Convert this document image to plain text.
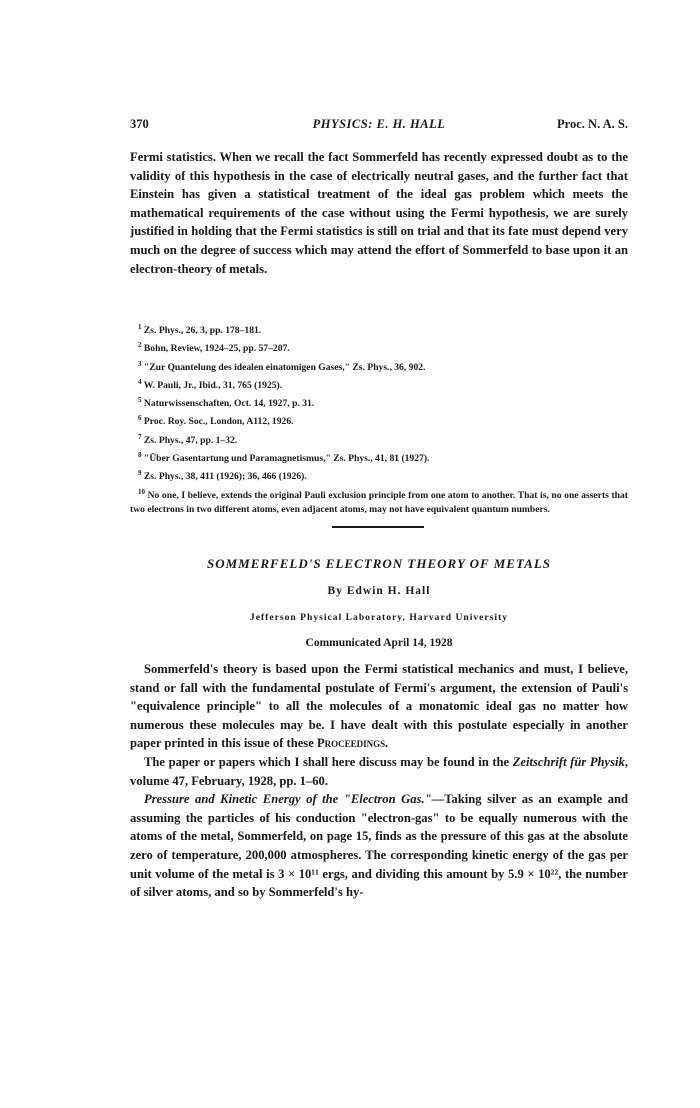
370	PHYSICS: E. H. HALL	Proc. N. A. S.

Fermi statistics. When we recall the fact Sommerfeld has recently expressed doubt as to the validity of this hypothesis in the case of electrically neutral gases, and the further fact that Einstein has given a statistical treatment of the ideal gas problem which meets the mathematical requirements of the case without using the Fermi hypothesis, we are surely justified in holding that the Fermi statistics is still on trial and that its fate must depend very much on the degree of success which may attend the effort of Sommerfeld to base upon it an electron-theory of metals.

$^1$ Zs. Phys., 26, 3, pp. 178–181.
$^2$ Bohn, Review, 1924–25, pp. 57–207.
$^3$ "Zur Quantelung des idealen einatomigen Gases," Zs. Phys., 36, 902.
$^4$ W. Pauli, Jr., Ibid., 31, 765 (1925).
$^5$ Naturwissenschaften, Oct. 14, 1927, p. 31.
$^6$ Proc. Roy. Soc., London, A112, 1926.
$^7$ Zs. Phys., 47, pp. 1–32.
$^8$ "Über Gasentartung und Paramagnetismus," Zs. Phys., 41, 81 (1927).
$^9$ Zs. Phys., 38, 411 (1926); 36, 466 (1926).
$^{10}$ No one, I believe, extends the original Pauli exclusion principle from one atom to another. That is, no one asserts that two electrons in two different atoms, even adjacent atoms, may not have equivalent quantum numbers.
SOMMERFELD'S ELECTRON THEORY OF METALS
By Edwin H. Hall
Jefferson Physical Laboratory, Harvard University
Communicated April 14, 1928

Sommerfeld's theory is based upon the Fermi statistical mechanics and must, I believe, stand or fall with the fundamental postulate of Fermi's argument, the extension of Pauli's "equivalence principle" to all the molecules of a monatomic ideal gas no matter how numerous these molecules may be. I have dealt with this postulate especially in another paper printed in this issue of these Proceedings.

The paper or papers which I shall here discuss may be found in the Zeitschrift für Physik, volume 47, February, 1928, pp. 1–60.

Pressure and Kinetic Energy of the "Electron Gas."—Taking silver as an example and assuming the particles of his conduction "electron-gas" to be equally numerous with the atoms of the metal, Sommerfeld, on page 15, finds as the pressure of this gas at the absolute zero of temperature, 200,000 atmospheres. The corresponding kinetic energy of the gas per unit volume of the metal is 3 × 10¹¹ ergs, and dividing this amount by 5.9 × 10²², the number of silver atoms, and so by Sommerfeld's hy-
